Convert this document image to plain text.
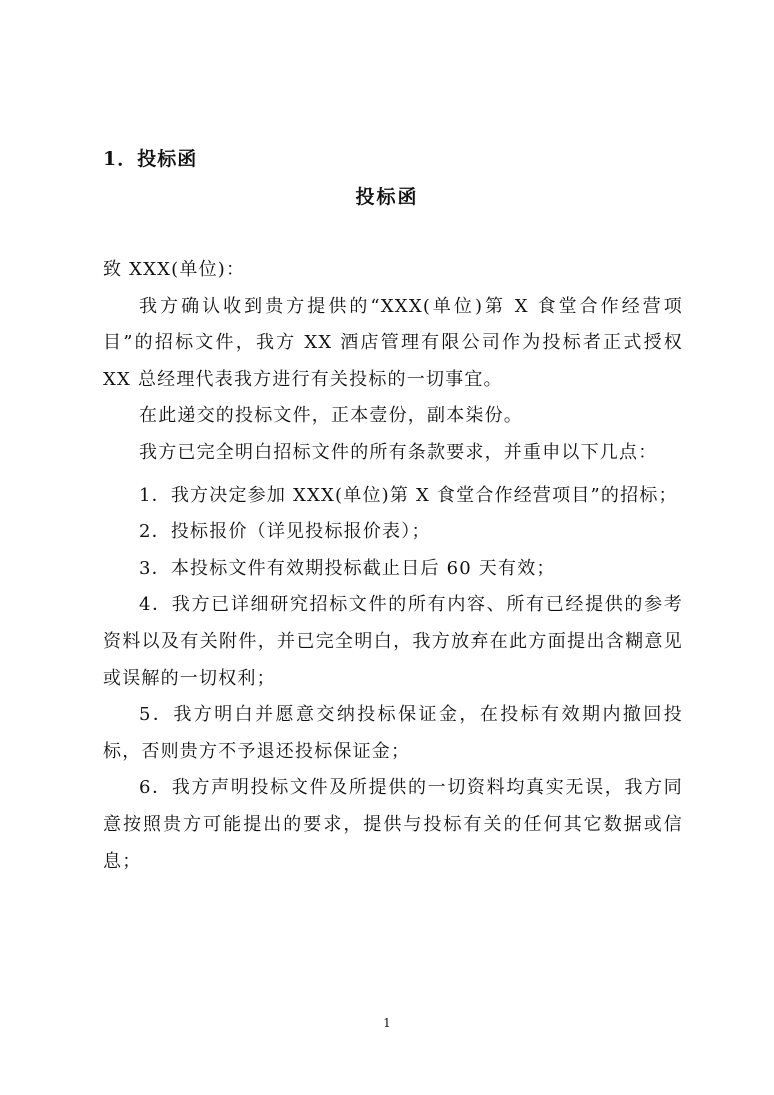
1．投标函
投标函

致 XXX(单位)：

我方确认收到贵方提供的“XXX(单位)第 X 食堂合作经营项目”的招标文件，我方 XX 酒店管理有限公司作为投标者正式授权 XX 总经理代表我方进行有关投标的一切事宜。

在此递交的投标文件，正本壹份，副本柒份。

我方已完全明白招标文件的所有条款要求，并重申以下几点：

1．我方决定参加 XXX(单位)第 X 食堂合作经营项目”的招标；

2．投标报价（详见投标报价表）；

3．本投标文件有效期投标截止日后 60 天有效；

4．我方已详细研究招标文件的所有内容、所有已经提供的参考资料以及有关附件，并已完全明白，我方放弃在此方面提出含糊意见或误解的一切权利；

5．我方明白并愿意交纳投标保证金，在投标有效期内撤回投标，否则贵方不予退还投标保证金；

6．我方声明投标文件及所提供的一切资料均真实无误，我方同意按照贵方可能提出的要求，提供与投标有关的任何其它数据或信息；

1
